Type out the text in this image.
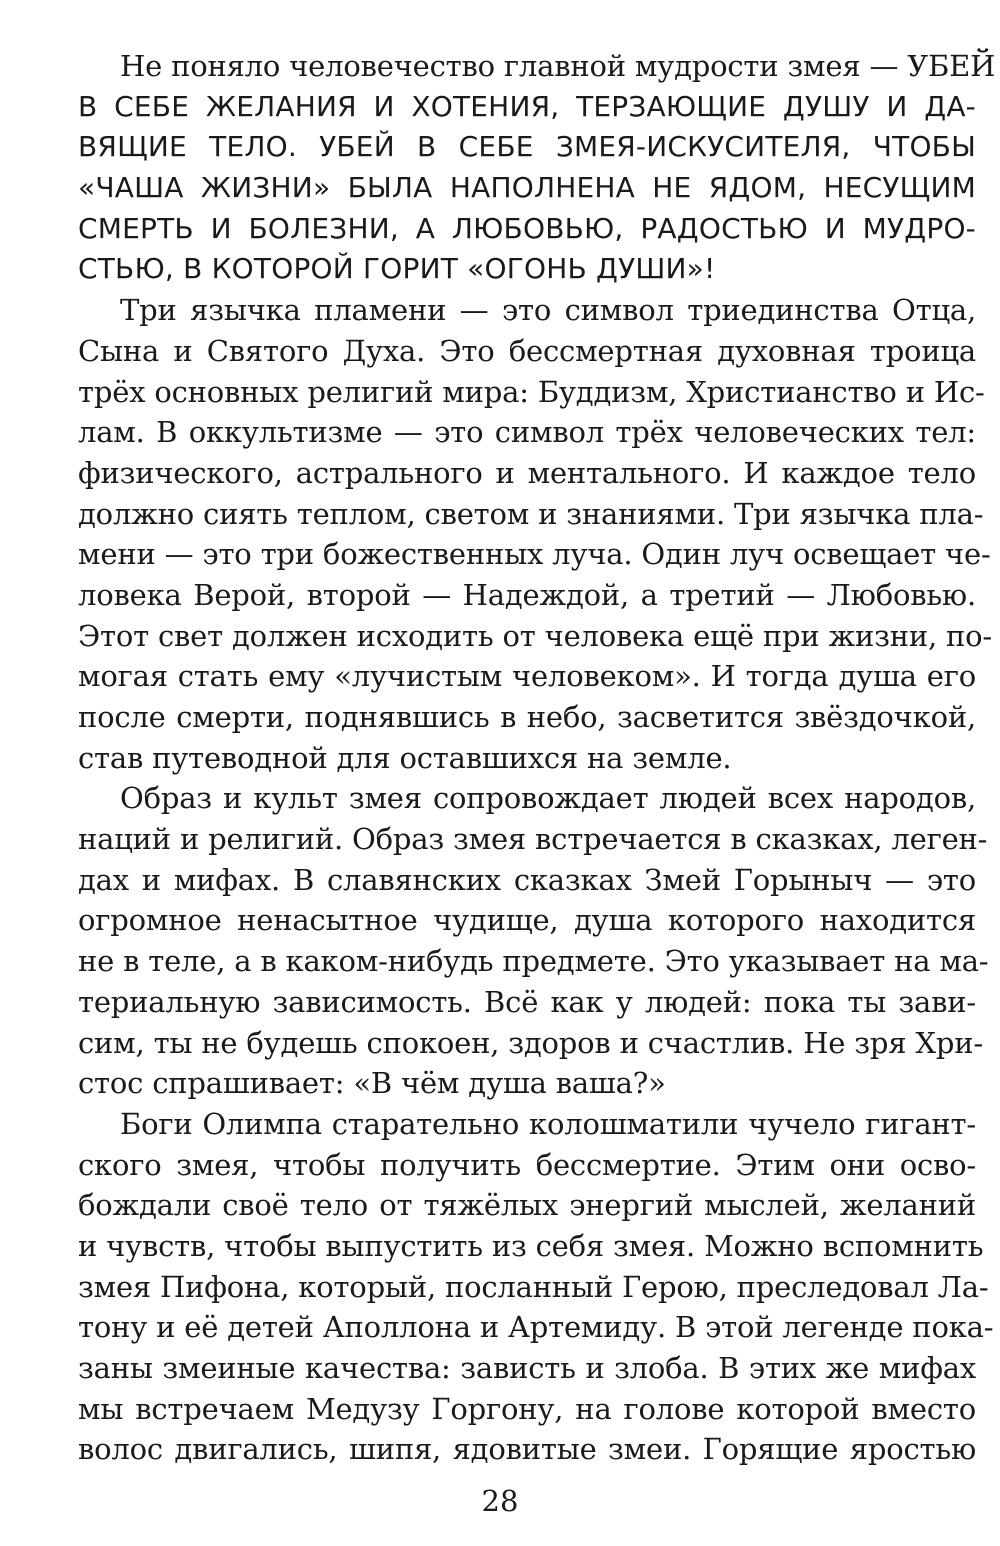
Не поняло человечество главной мудрости змея — УБЕЙ
В СЕБЕ ЖЕЛАНИЯ И ХОТЕНИЯ, ТЕРЗАЮЩИЕ ДУШУ И ДА-
ВЯЩИЕ ТЕЛО. УБЕЙ В СЕБЕ ЗМЕЯ-ИСКУСИТЕЛЯ, ЧТОБЫ
«ЧАША ЖИЗНИ» БЫЛА НАПОЛНЕНА НЕ ЯДОМ, НЕСУЩИМ
СМЕРТЬ И БОЛЕЗНИ, А ЛЮБОВЬЮ, РАДОСТЬЮ И МУДРО-
СТЬЮ, В КОТОРОЙ ГОРИТ «ОГОНЬ ДУШИ»!
Три язычка пламени — это символ триединства Отца,
Сына и Святого Духа. Это бессмертная духовная троица
трёх основных религий мира: Буддизм, Христианство и Ис-
лам. В оккультизме — это символ трёх человеческих тел:
физического, астрального и ментального. И каждое тело
должно сиять теплом, светом и знаниями. Три язычка пла-
мени — это три божественных луча. Один луч освещает че-
ловека Верой, второй — Надеждой, а третий — Любовью.
Этот свет должен исходить от человека ещё при жизни, по-
могая стать ему «лучистым человеком». И тогда душа его
после смерти, поднявшись в небо, засветится звёздочкой,
став путеводной для оставшихся на земле.
Образ и культ змея сопровождает людей всех народов,
наций и религий. Образ змея встречается в сказках, леген-
дах и мифах. В славянских сказках Змей Горыныч — это
огромное ненасытное чудище, душа которого находится
не в теле, а в каком-нибудь предмете. Это указывает на ма-
териальную зависимость. Всё как у людей: пока ты зави-
сим, ты не будешь спокоен, здоров и счастлив. Не зря Хри-
стос спрашивает: «В чём душа ваша?»
Боги Олимпа старательно колошматили чучело гигант-
ского змея, чтобы получить бессмертие. Этим они осво-
бождали своё тело от тяжёлых энергий мыслей, желаний
и чувств, чтобы выпустить из себя змея. Можно вспомнить
змея Пифона, который, посланный Герою, преследовал Ла-
тону и её детей Аполлона и Артемиду. В этой легенде пока-
заны змеиные качества: зависть и злоба. В этих же мифах
мы встречаем Медузу Горгону, на голове которой вместо
волос двигались, шипя, ядовитые змеи. Горящие яростью
28
